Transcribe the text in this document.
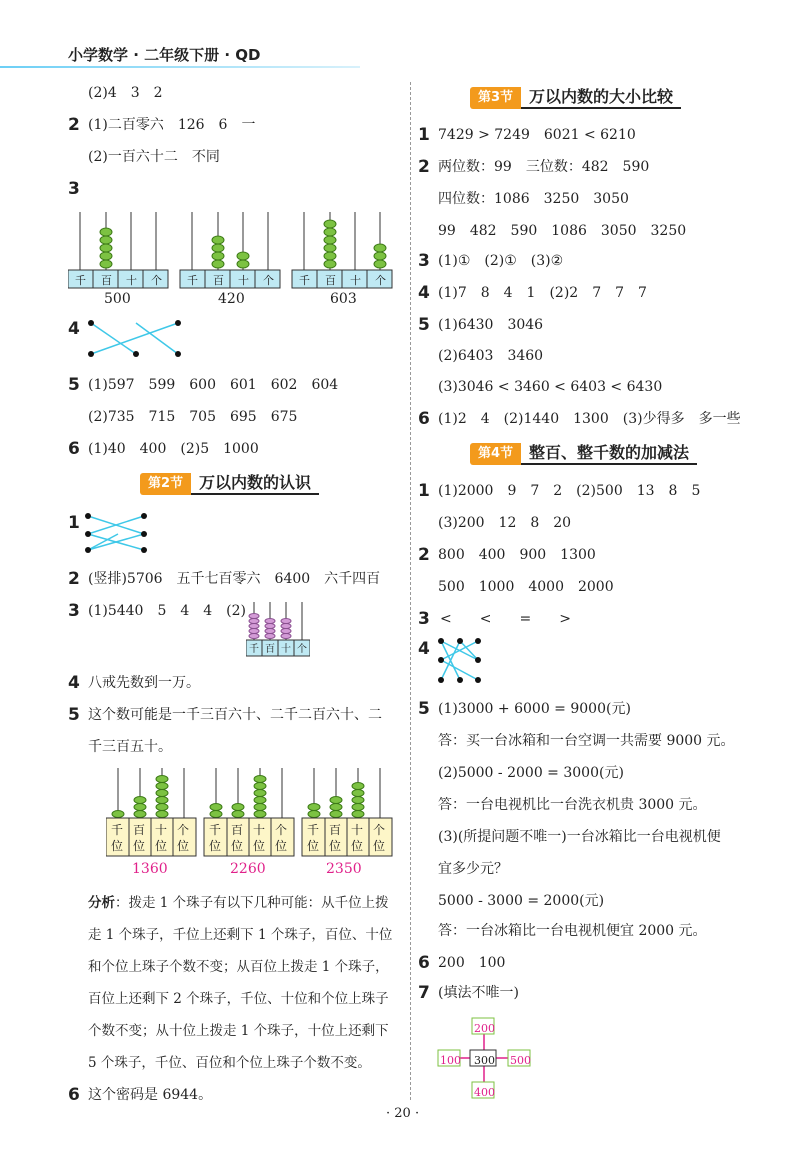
小学数学 · 二年级下册 · QD
(2)4　3　2
2 (1)二百零六　126　6　一
(2)一百六十二　不同
3
千 百 十 个 千 百 十 个 千 百 十 个
500	420	603
4
5 (1)597　599　600　601　602　604
(2)735　715　705　695　675
6 (1)40　400　(2)5　1000
第2节	万以内数的认识
1
2 (竖排)5706　五千七百零六　6400　六千四百
3 (1)5440　5　4　4　(2)
千 百 十 个
4 八戒先数到一万。
5 这个数可能是一千三百六十、二千二百六十、二
千三百五十。
千
位
百
位
十
位
个
位
千
位
百
位
十
位
个
位
千
位
百
位
十
位
个
位
1360	2260	2350
分析：拨走 1 个珠子有以下几种可能：从千位上拨
走 1 个珠子，千位上还剩下 1 个珠子，百位、十位
和个位上珠子个数不变；从百位上拨走 1 个珠子，
百位上还剩下 2 个珠子，千位、十位和个位上珠子
个数不变；从十位上拨走 1 个珠子，十位上还剩下
5 个珠子，千位、百位和个位上珠子个数不变。
6 这个密码是 6944。
第3节	万以内数的大小比较
1 7429 > 7249　6021 < 6210
2 两位数：99　三位数：482　590
四位数：1086　3250　3050
99　482　590　1086　3050　3250
3 (1)①　(2)①　(3)②
4 (1)7　8　4　1　(2)2　7　7　7
5 (1)6430　3046
(2)6403　3460
(3)3046 < 3460 < 6403 < 6430
6 (1)2　4　(2)1440　1300　(3)少得多　多一些
第4节	整百、整千数的加减法
1 (1)2000　9　7　2　(2)500　13　8　5
(3)200　12　8　20
2 800　400　900　1300
500　1000　4000　2000
3 <　　<　　=　　>
4
5 (1)3000 + 6000 = 9000(元)
答：买一台冰箱和一台空调一共需要 9000 元。
(2)5000 - 2000 = 3000(元)
答：一台电视机比一台洗衣机贵 3000 元。
(3)(所提问题不唯一)一台冰箱比一台电视机便
宜多少元？
5000 - 3000 = 2000(元)
答：一台冰箱比一台电视机便宜 2000 元。
6 200　100
7 (填法不唯一)
200
100 300 500
400
· 20 ·
